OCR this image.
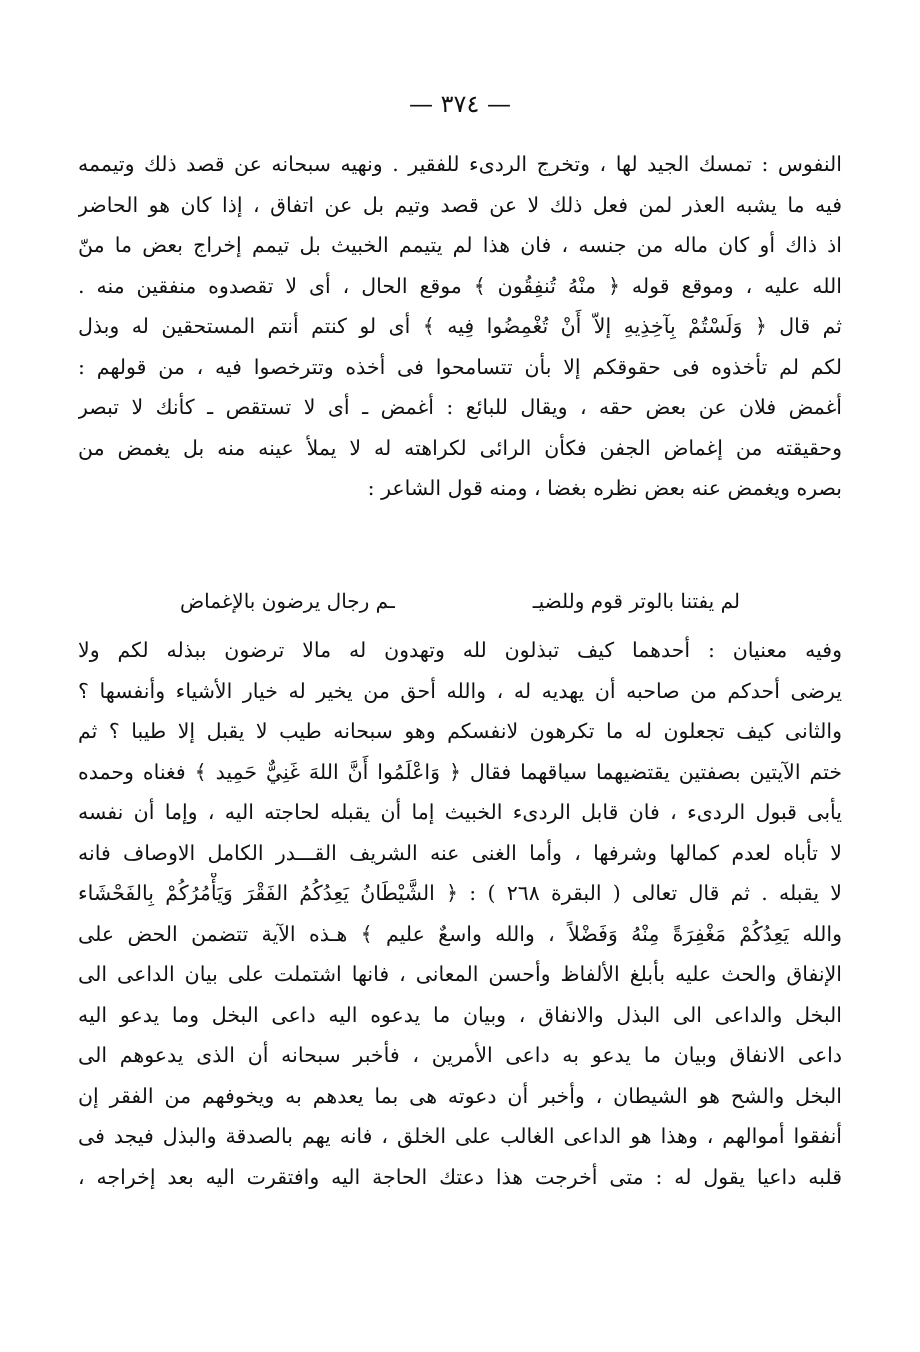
— ٣٧٤ —
النفوس : تمسك الجيد لها ، وتخرج الردىء للفقير . ونهيه سبحانه عن قصد ذلك وتيممه
فيه ما يشبه العذر لمن فعل ذلك لا عن قصد وتيم بل عن اتفاق ، إذا كان هو الحاضر
اذ ذاك أو كان ماله من جنسه ، فان هذا لم يتيمم الخبيث بل تيمم إخراج بعض ما منّ
الله عليه ، وموقع قوله ﴿ منْهُ تُنفِقُون ﴾ موقع الحال ، أى لا تقصدوه منفقين منه .
ثم قال ﴿ وَلَسْتُمْ بِآخِذِيهِ إلاّ أَنْ تُغْمِضُوا فِيه ﴾ أى لو كنتم أنتم المستحقين له وبذل
لكم لم تأخذوه فى حقوقكم إلا بأن تتسامحوا فى أخذه وتترخصوا فيه ، من قولهم :
أغمض فلان عن بعض حقه ، ويقال للبائع : أغمض ـ أى لا تستقص ـ كأنك لا تبصر
وحقيقته من إغماض الجفن فكأن الرائى لكراهته له لا يملأ عينه منه بل يغمض من
بصره ويغمض عنه بعض نظره بغضا ، ومنه قول الشاعر :
لم يفتنا بالوتر قوم وللضيـ
ـم رجال يرضون بالإغماض
وفيه معنيان : أحدهما كيف تبذلون لله وتهدون له مالا ترضون ببذله لكم ولا
يرضى أحدكم من صاحبه أن يهديه له ، والله أحق من يخير له خيار الأشياء وأنفسها ؟
والثانى كيف تجعلون له ما تكرهون لانفسكم وهو سبحانه طيب لا يقبل إلا طيبا ؟ ثم
ختم الآيتين بصفتين يقتضيهما سياقهما فقال ﴿ وَاعْلَمُوا أَنَّ اللهَ غَنِيٌّ حَمِيد ﴾ فغناه وحمده
يأبى قبول الردىء ، فان قابل الردىء الخبيث إما أن يقبله لحاجته اليه ، وإما أن نفسه
لا تأباه لعدم كمالها وشرفها ، وأما الغنى عنه الشريف القـــدر الكامل الاوصاف فانه
لا يقبله . ثم قال تعالى ( البقرة ٢٦٨ ) : ﴿ الشَّيْطَانُ يَعِدُكُمُ الفَقْرَ وَيَأْمُرُكُمْ بِالفَحْشَاء
والله يَعِدُكُمْ مَغْفِرَةً مِنْهُ وَفَضْلاً ، والله واسعٌ عليم ﴾ هـذه الآية تتضمن الحض على
الإنفاق والحث عليه بأبلغ الألفاظ وأحسن المعانى ، فانها اشتملت على بيان الداعى الى
البخل والداعى الى البذل والانفاق ، وبيان ما يدعوه اليه داعى البخل وما يدعو اليه
داعى الانفاق وبيان ما يدعو به داعى الأمرين ، فأخبر سبحانه أن الذى يدعوهم الى
البخل والشح هو الشيطان ، وأخبر أن دعوته هى بما يعدهم به ويخوفهم من الفقر إن
أنفقوا أموالهم ، وهذا هو الداعى الغالب على الخلق ، فانه يهم بالصدقة والبذل فيجد فى
قلبه داعيا يقول له : متى أخرجت هذا دعتك الحاجة اليه وافتقرت اليه بعد إخراجه ،
